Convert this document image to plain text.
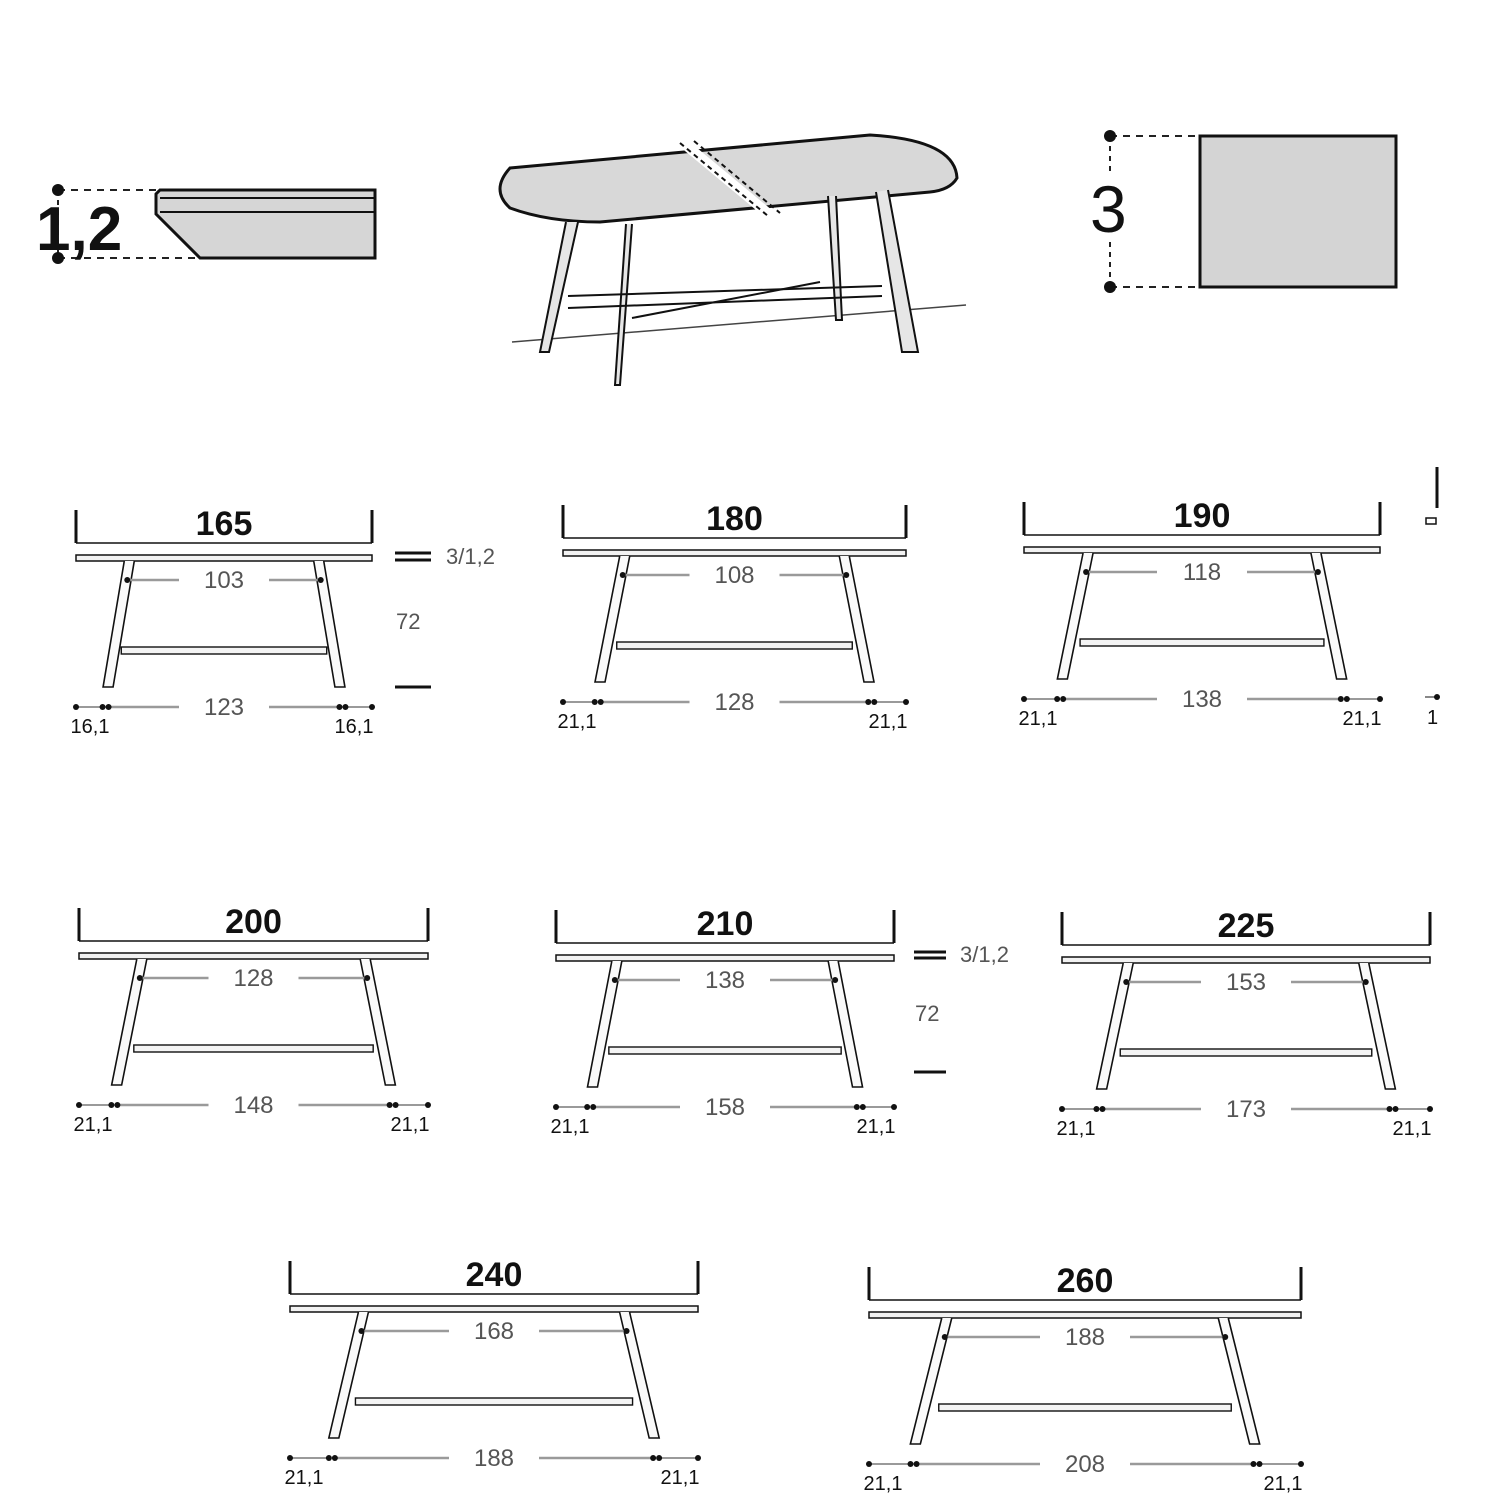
1,2	3
3/1,2
72
3/1,2
72
1
165
103
123
16,1	16,1
180
108
128
21,1	21,1
190
118
138
21,1	21,1
200
128
148
21,1	21,1
210
138
158
21,1	21,1
225
153
173
21,1	21,1
240
168
188
21,1	21,1
260
188
208
21,1	21,1
